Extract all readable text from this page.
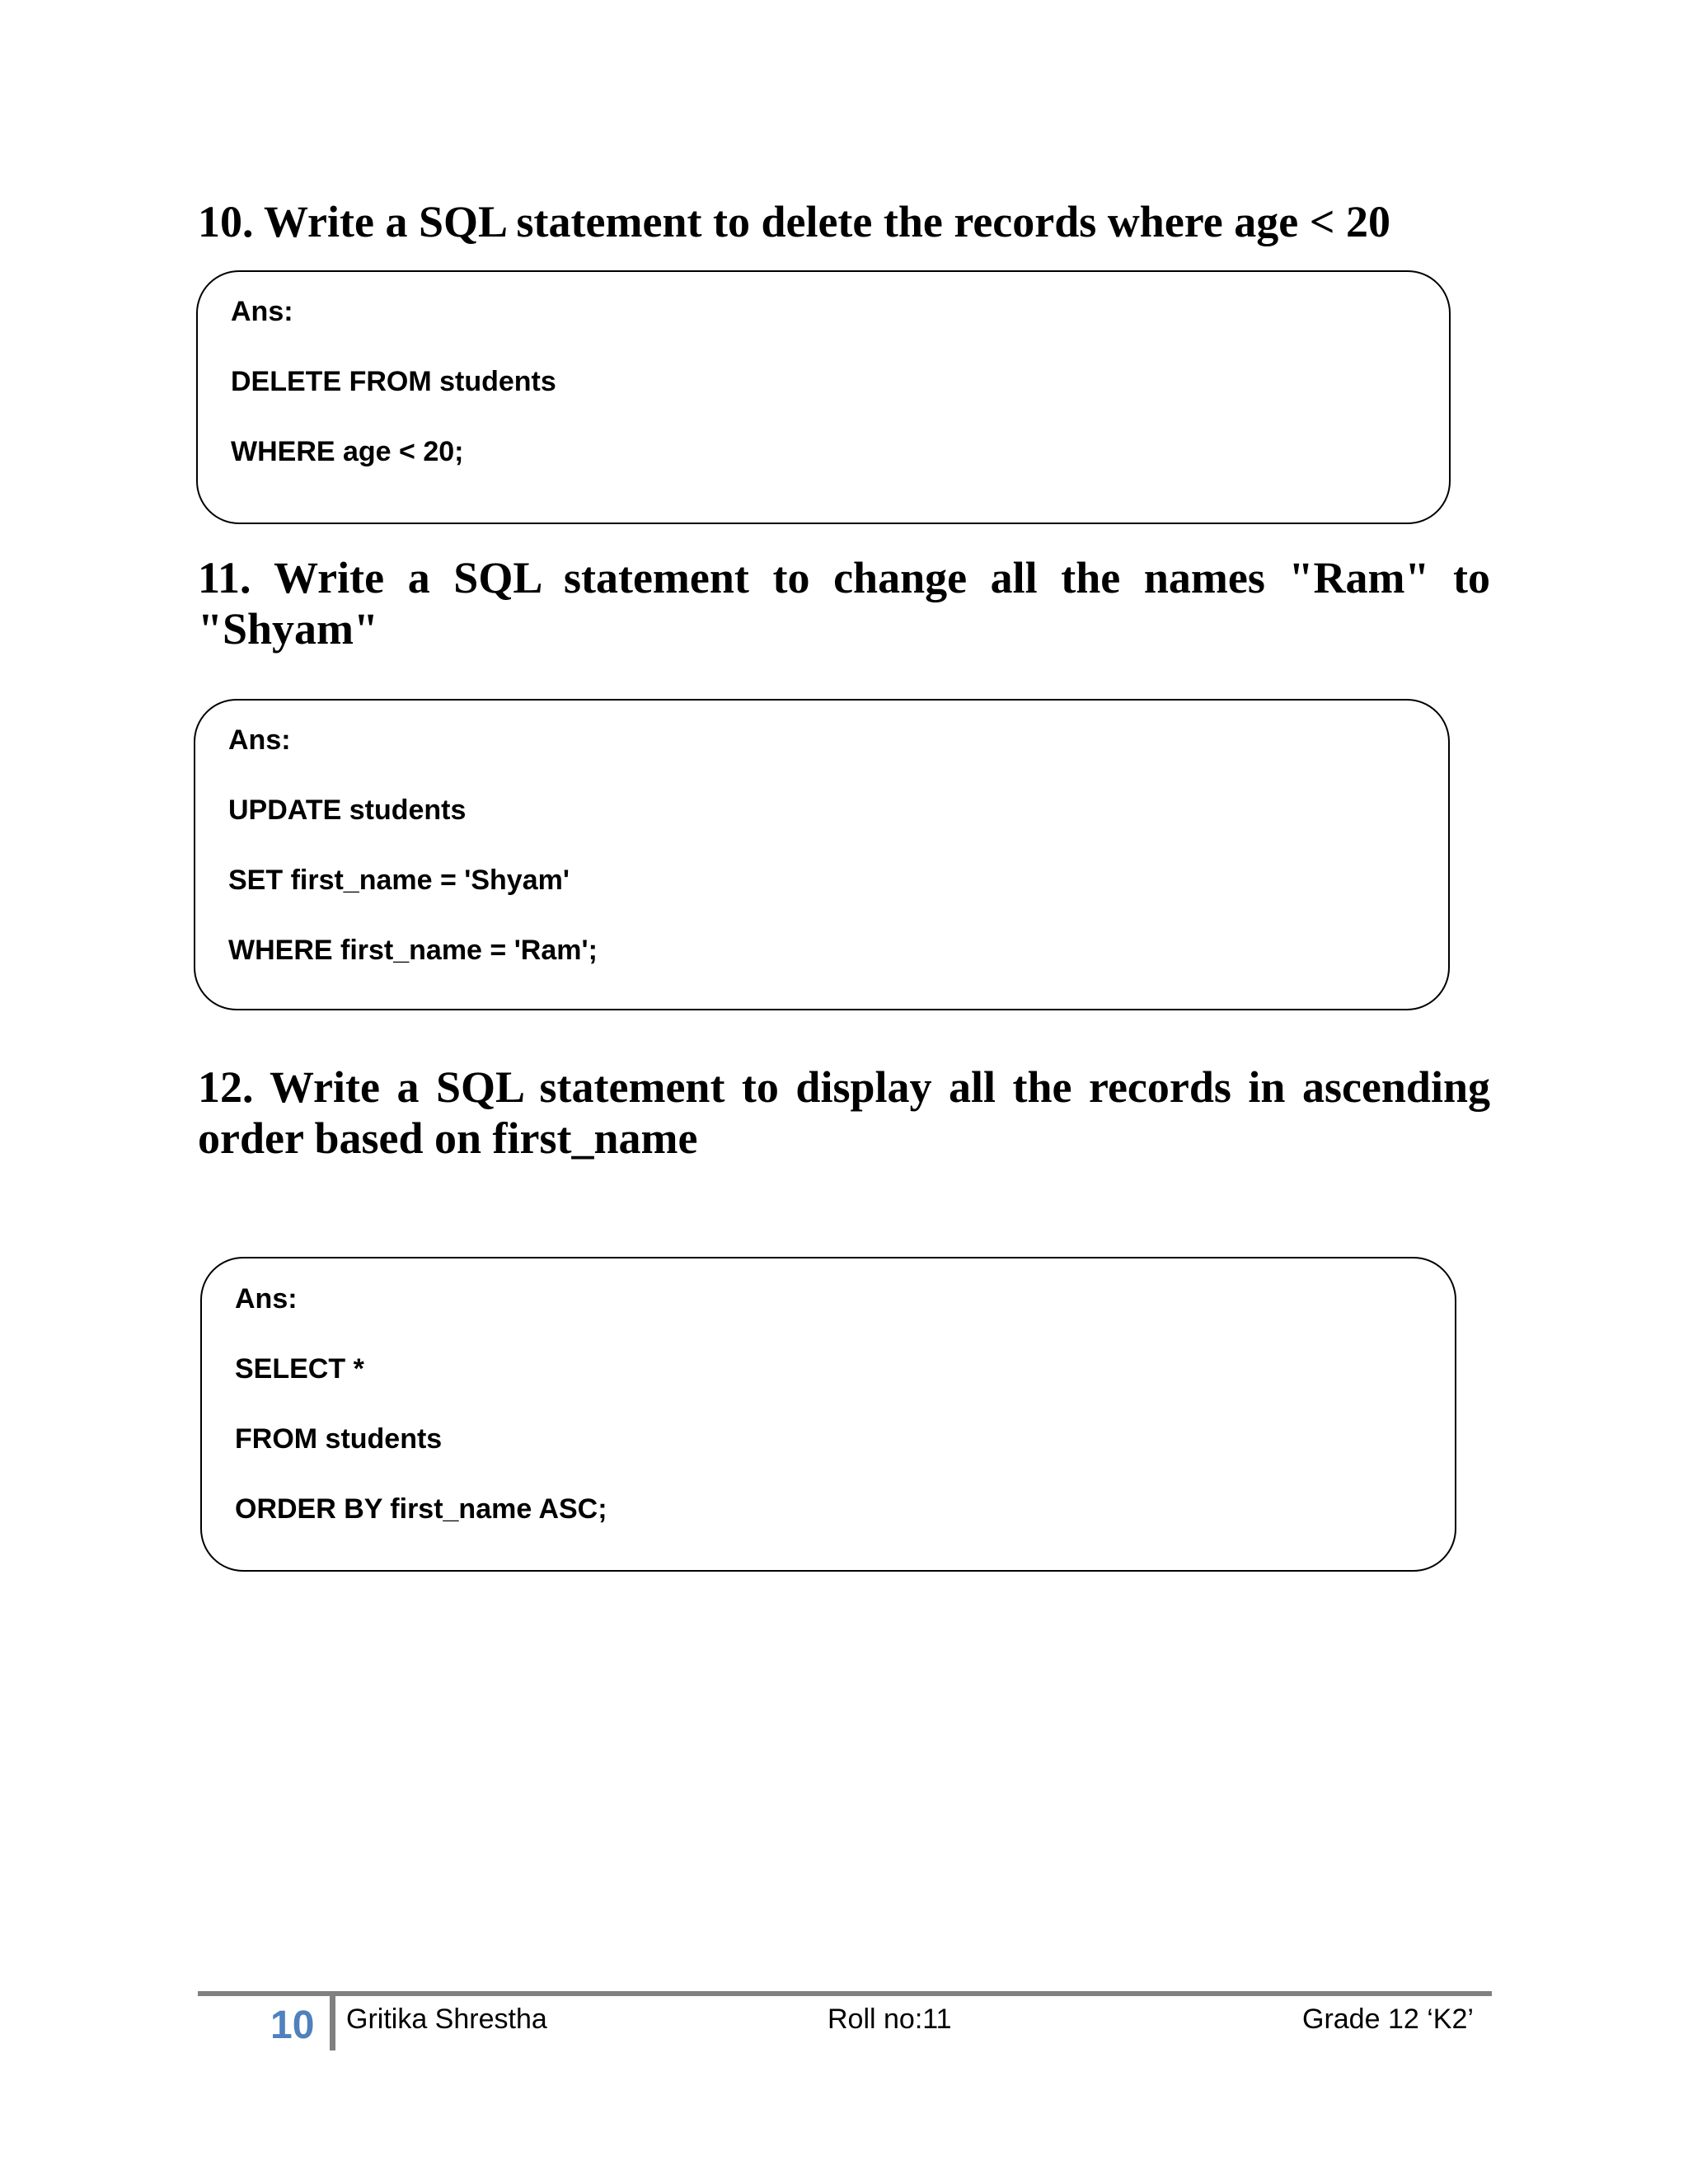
10. Write a SQL statement to delete the records where age < 20
Ans:
DELETE FROM students
WHERE age < 20;
11. Write a SQL statement to change all the names "Ram" to "Shyam"
Ans:
UPDATE students
SET first_name = 'Shyam'
WHERE first_name = 'Ram';
12. Write a SQL statement to display all the records in ascending order based on first_name
Ans:
SELECT *
FROM students
ORDER BY first_name ASC;
10 Gritika Shrestha	Roll no:11	Grade 12 ‘K2’
